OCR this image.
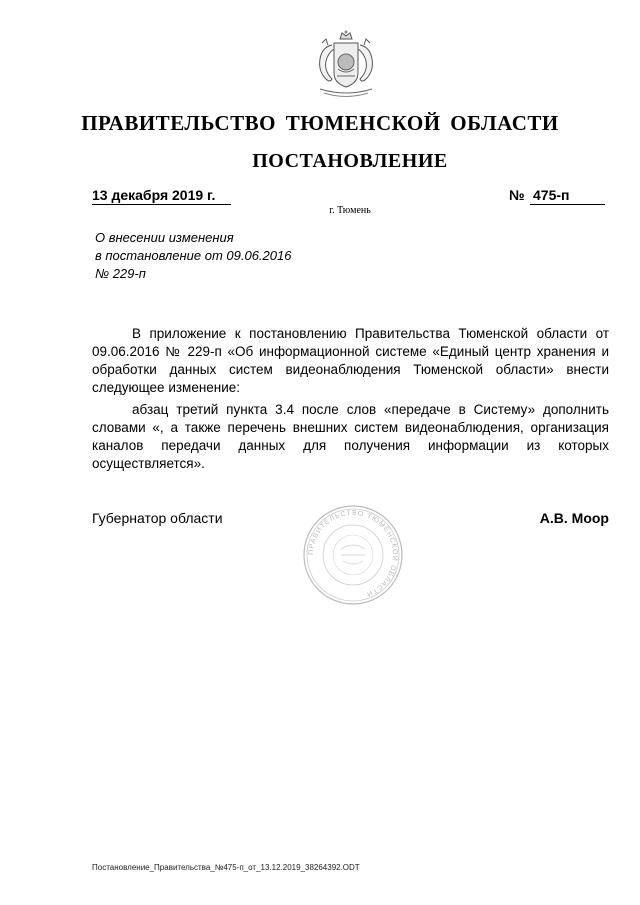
ПРАВИТЕЛЬСТВО ТЮМЕНСКОЙ ОБЛАСТИ
ПОСТАНОВЛЕНИЕ
13 декабря 2019 г.	№ 475-п
г. Тюмень
О внесении изменения
в постановление от 09.06.2016
№ 229-п

В приложение к постановлению Правительства Тюменской области от 09.06.2016 № 229-п «Об информационной системе «Единый центр хранения и обработки данных систем видеонаблюдения Тюменской области» внести следующее изменение:

абзац третий пункта 3.4 после слов «передаче в Систему» дополнить словами «, а также перечень внешних систем видеонаблюдения, организация каналов передачи данных для получения информации из которых осуществляется».

ПРАВИТЕЛЬСТВО ТЮМЕНСКОЙ ОБЛАСТИ
Губернатор области	А.В. Моор
Постановление_Правительства_№475-п_от_13.12.2019_38264392.ODT
